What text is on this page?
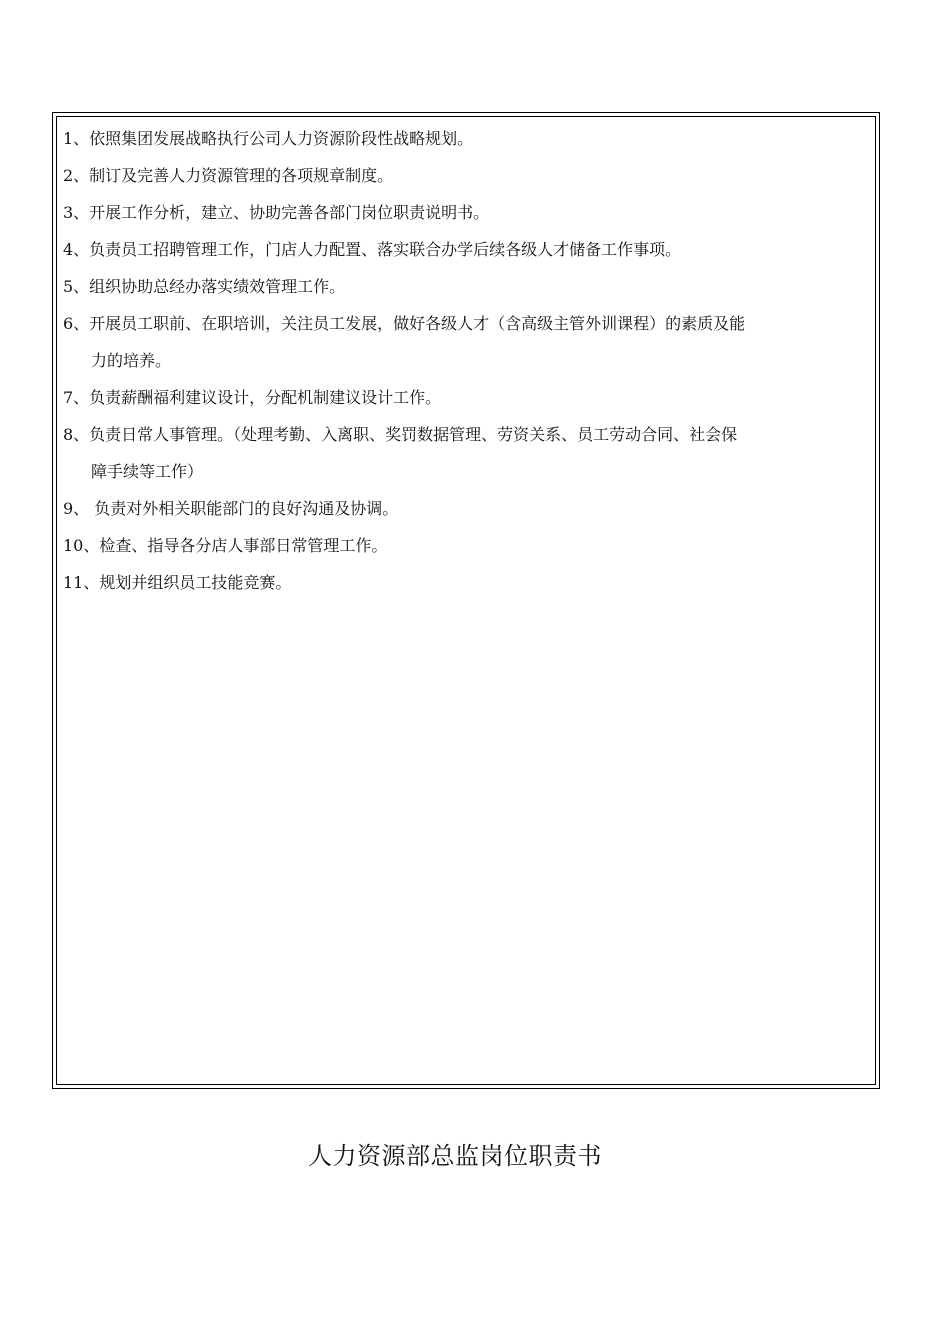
1、依照集团发展战略执行公司人力资源阶段性战略规划。
2、制订及完善人力资源管理的各项规章制度。
3、开展工作分析，建立、协助完善各部门岗位职责说明书。
4、负责员工招聘管理工作，门店人力配置、落实联合办学后续各级人才储备工作事项。
5、组织协助总经办落实绩效管理工作。
6、开展员工职前、在职培训，关注员工发展，做好各级人才（含高级主管外训课程）的素质及能
力的培养。
7、负责薪酬福利建议设计，分配机制建议设计工作。
8、负责日常人事管理。（处理考勤、入离职、奖罚数据管理、劳资关系、员工劳动合同、社会保
障手续等工作）
9、 负责对外相关职能部门的良好沟通及协调。
10、检查、指导各分店人事部日常管理工作。
11、规划并组织员工技能竞赛。
人力资源部总监岗位职责书
